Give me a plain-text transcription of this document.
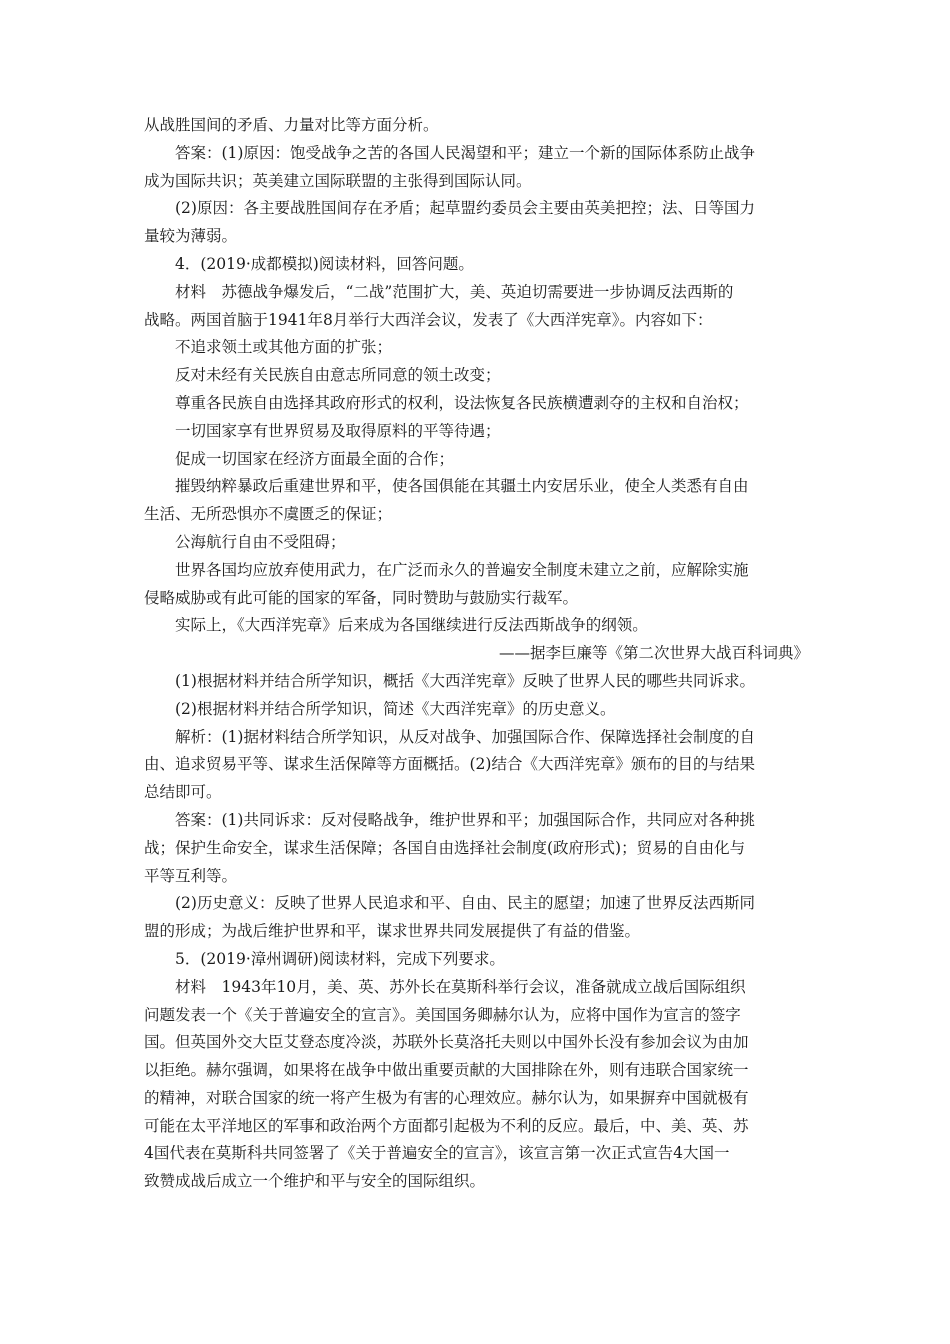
从战胜国间的矛盾、力量对比等方面分析。
答案：(1)原因：饱受战争之苦的各国人民渴望和平；建立一个新的国际体系防止战争
成为国际共识；英美建立国际联盟的主张得到国际认同。
(2)原因：各主要战胜国间存在矛盾；起草盟约委员会主要由英美把控；法、日等国力
量较为薄弱。
4．(2019·成都模拟)阅读材料，回答问题。
材料　苏德战争爆发后，“二战”范围扩大，美、英迫切需要进一步协调反法西斯的
战略。两国首脑于1941年8月举行大西洋会议，发表了《大西洋宪章》。内容如下：
不追求领土或其他方面的扩张；
反对未经有关民族自由意志所同意的领土改变；
尊重各民族自由选择其政府形式的权利，设法恢复各民族横遭剥夺的主权和自治权；
一切国家享有世界贸易及取得原料的平等待遇；
促成一切国家在经济方面最全面的合作；
摧毁纳粹暴政后重建世界和平，使各国俱能在其疆土内安居乐业，使全人类悉有自由
生活、无所恐惧亦不虞匮乏的保证；
公海航行自由不受阻碍；
世界各国均应放弃使用武力，在广泛而永久的普遍安全制度未建立之前，应解除实施
侵略威胁或有此可能的国家的军备，同时赞助与鼓励实行裁军。
实际上，《大西洋宪章》后来成为各国继续进行反法西斯战争的纲领。
——据李巨廉等《第二次世界大战百科词典》
(1)根据材料并结合所学知识，概括《大西洋宪章》反映了世界人民的哪些共同诉求。
(2)根据材料并结合所学知识，简述《大西洋宪章》的历史意义。
解析：(1)据材料结合所学知识，从反对战争、加强国际合作、保障选择社会制度的自
由、追求贸易平等、谋求生活保障等方面概括。(2)结合《大西洋宪章》颁布的目的与结果
总结即可。
答案：(1)共同诉求：反对侵略战争，维护世界和平；加强国际合作，共同应对各种挑
战；保护生命安全，谋求生活保障；各国自由选择社会制度(政府形式)；贸易的自由化与
平等互利等。
(2)历史意义：反映了世界人民追求和平、自由、民主的愿望；加速了世界反法西斯同
盟的形成；为战后维护世界和平，谋求世界共同发展提供了有益的借鉴。
5．(2019·漳州调研)阅读材料，完成下列要求。
材料　1943年10月，美、英、苏外长在莫斯科举行会议，准备就成立战后国际组织
问题发表一个《关于普遍安全的宣言》。美国国务卿赫尔认为，应将中国作为宣言的签字
国。但英国外交大臣艾登态度冷淡，苏联外长莫洛托夫则以中国外长没有参加会议为由加
以拒绝。赫尔强调，如果将在战争中做出重要贡献的大国排除在外，则有违联合国家统一
的精神，对联合国家的统一将产生极为有害的心理效应。赫尔认为，如果摒弃中国就极有
可能在太平洋地区的军事和政治两个方面都引起极为不利的反应。最后，中、美、英、苏
4国代表在莫斯科共同签署了《关于普遍安全的宣言》，该宣言第一次正式宣告4大国一
致赞成战后成立一个维护和平与安全的国际组织。
